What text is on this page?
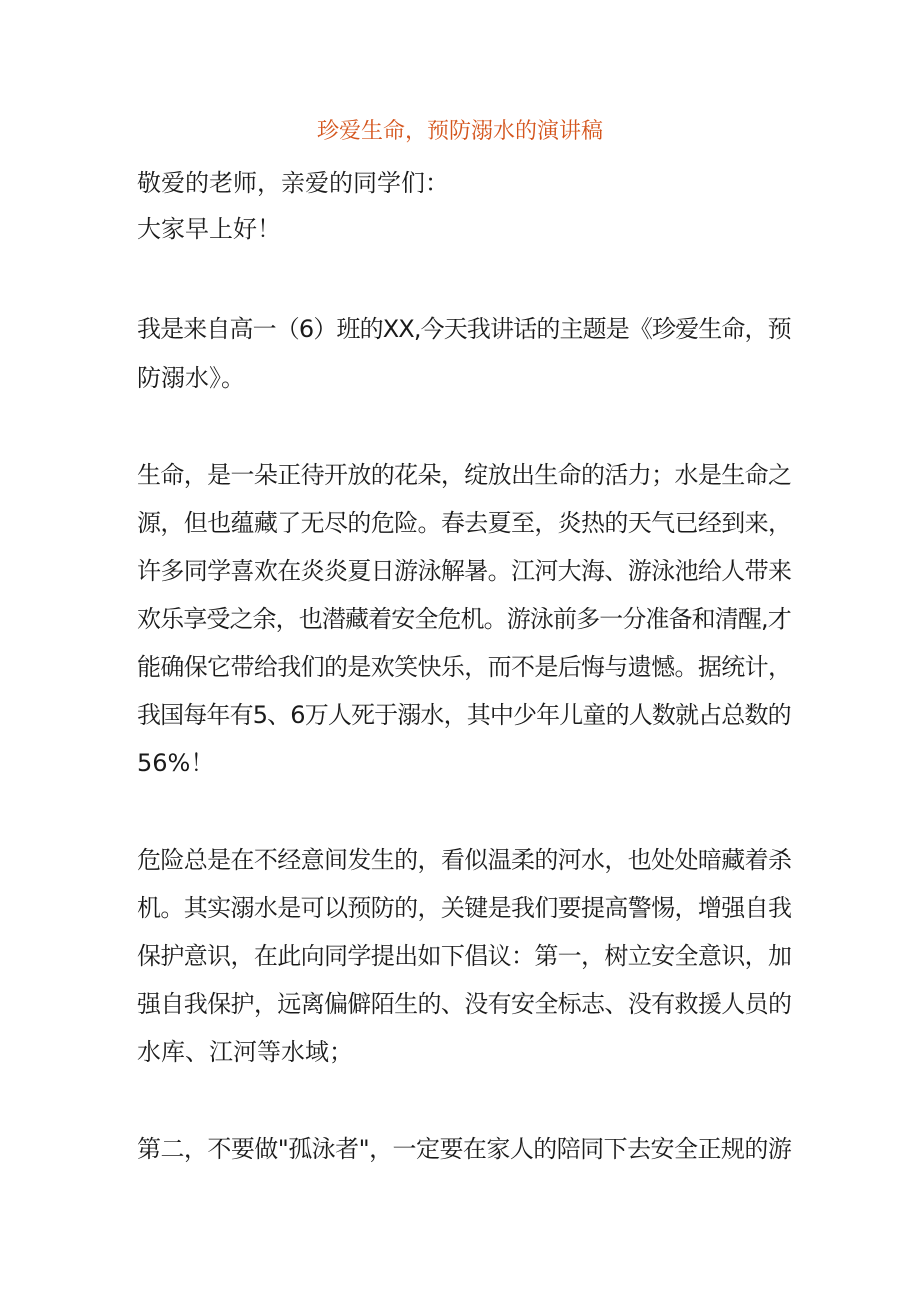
珍爱生命，预防溺水的演讲稿

敬爱的老师，亲爱的同学们：

大家早上好！

我是来自高一（6）班的XX,今天我讲话的主题是《珍爱生命，预

防溺水》。

生命，是一朵正待开放的花朵，绽放出生命的活力；水是生命之

源，但也蕴藏了无尽的危险。春去夏至，炎热的天气已经到来，

许多同学喜欢在炎炎夏日游泳解暑。江河大海、游泳池给人带来

欢乐享受之余，也潜藏着安全危机。游泳前多一分准备和清醒,才

能确保它带给我们的是欢笑快乐，而不是后悔与遗憾。据统计，

我国每年有5、6万人死于溺水，其中少年儿童的人数就占总数的

56%！

危险总是在不经意间发生的，看似温柔的河水，也处处暗藏着杀

机。其实溺水是可以预防的，关键是我们要提高警惕，增强自我

保护意识，在此向同学提出如下倡议：第一，树立安全意识，加

强自我保护，远离偏僻陌生的、没有安全标志、没有救援人员的

水库、江河等水域；

第二，不要做"孤泳者"，一定要在家人的陪同下去安全正规的游
